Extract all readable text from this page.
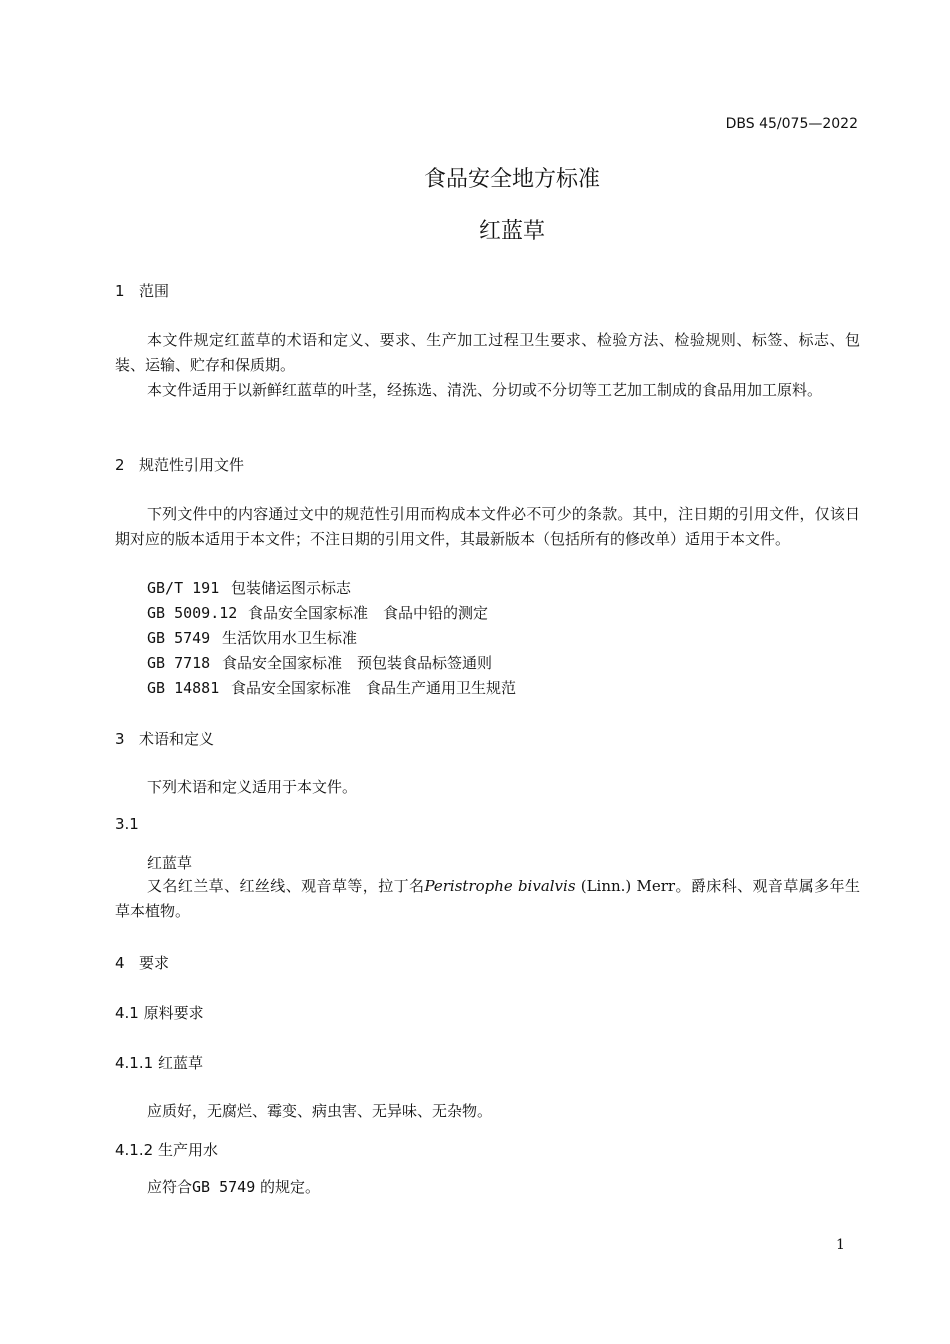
DBS 45/075—2022
食品安全地方标准
红蓝草
1 范围
本文件规定红蓝草的术语和定义、要求、生产加工过程卫生要求、检验方法、检验规则、标签、标志、包装、运输、贮存和保质期。
本文件适用于以新鲜红蓝草的叶茎，经拣选、清洗、分切或不分切等工艺加工制成的食品用加工原料。
2 规范性引用文件
下列文件中的内容通过文中的规范性引用而构成本文件必不可少的条款。其中，注日期的引用文件，仅该日期对应的版本适用于本文件；不注日期的引用文件，其最新版本（包括所有的修改单）适用于本文件。
GB/T 191 包装储运图示标志
GB 5009.12 食品安全国家标准　食品中铅的测定
GB 5749 生活饮用水卫生标准
GB 7718 食品安全国家标准　预包装食品标签通则
GB 14881 食品安全国家标准　食品生产通用卫生规范
3 术语和定义
下列术语和定义适用于本文件。
3.1
红蓝草
又名红兰草、红丝线、观音草等，拉丁名Peristrophe bivalvis (Linn.) Merr。爵床科、观音草属多年生草本植物。
4 要求
4.1 原料要求
4.1.1 红蓝草
应质好，无腐烂、霉变、病虫害、无异味、无杂物。
4.1.2 生产用水
应符合GB 5749 的规定。
1
